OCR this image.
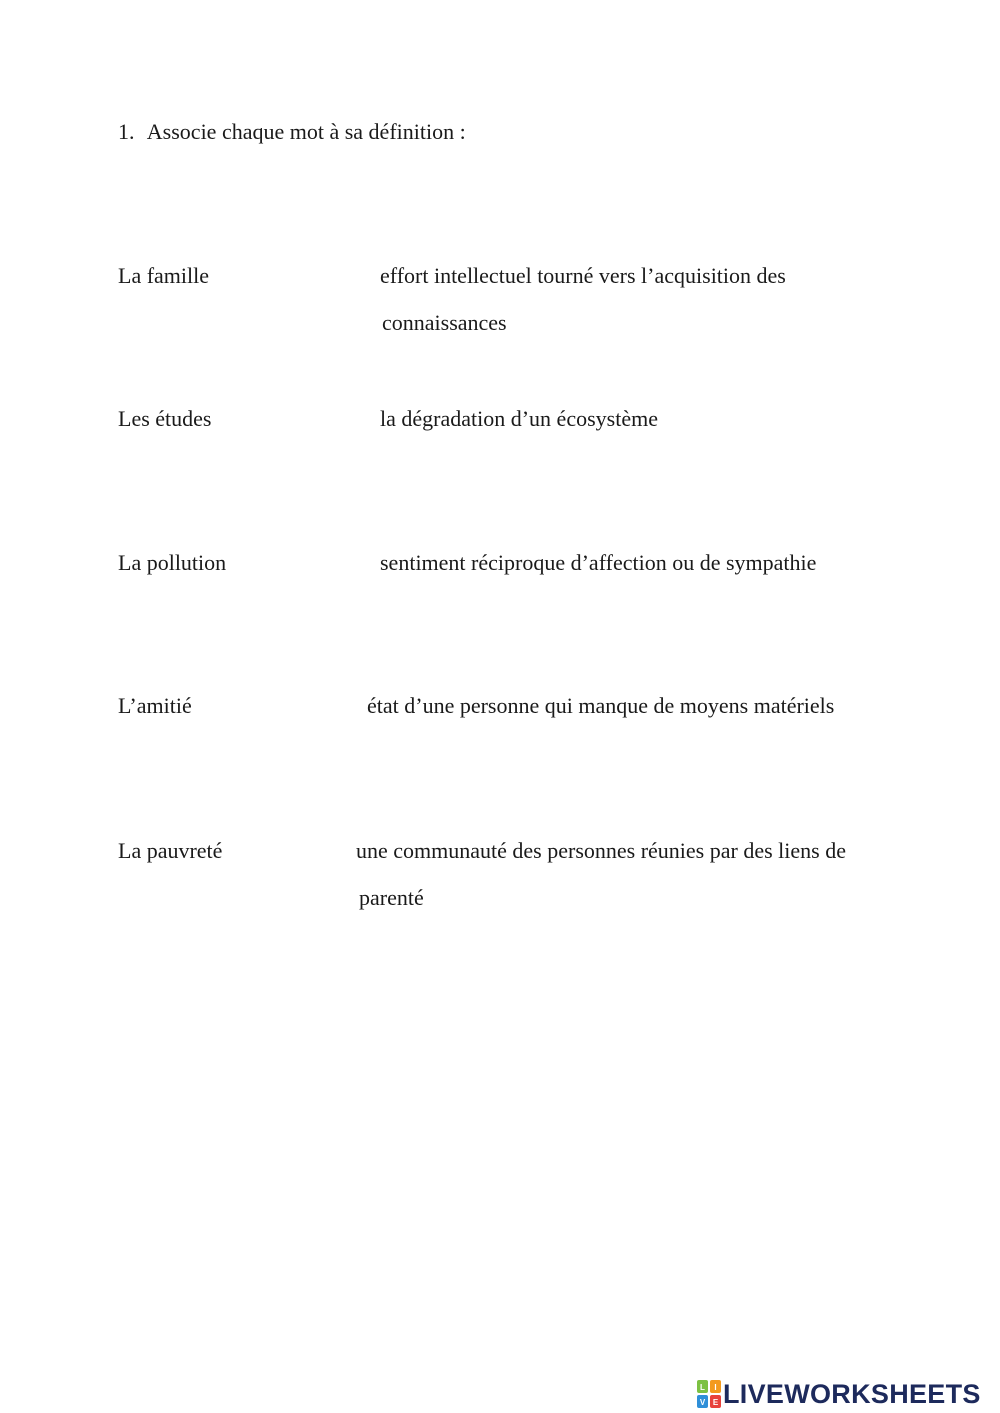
1. Associe chaque mot à sa définition :
La famille
Les études
La pollution
L’amitié
La pauvreté
effort intellectuel tourné vers l’acquisition des
connaissances
la dégradation d’un écosystème
sentiment réciproque d’affection ou de sympathie
état d’une personne qui manque de moyens matériels
une communauté des personnes réunies par des liens de
parenté
L I
V E LIVEWORKSHEETS
